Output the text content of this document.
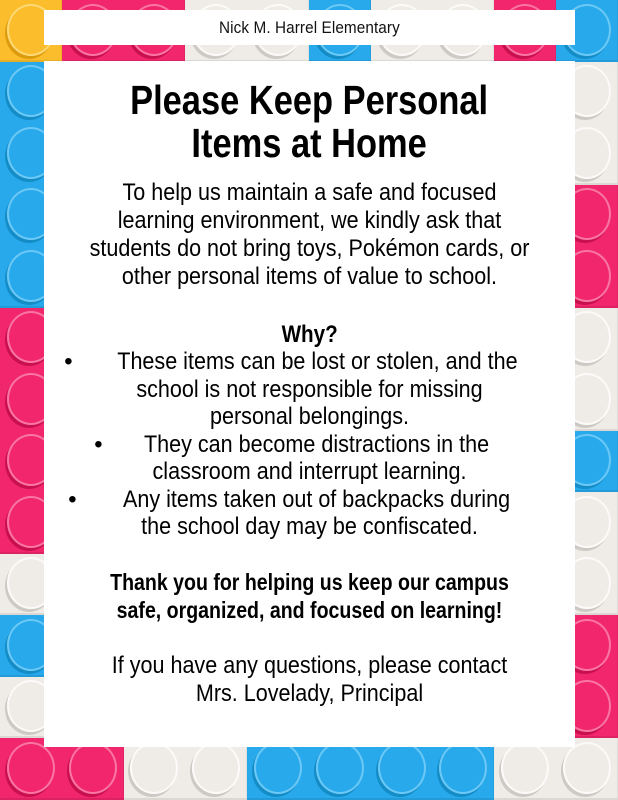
Nick M. Harrel Elementary
Please Keep Personal
Items at Home
To help us maintain a safe and focused
learning environment, we kindly ask that
students do not bring toys, Pokémon cards, or
other personal items of value to school.
Why?
•	These items can be lost or stolen, and the
school is not responsible for missing
personal belongings.
•	They can become distractions in the
classroom and interrupt learning.
•	Any items taken out of backpacks during
the school day may be confiscated.
Thank you for helping us keep our campus
safe, organized, and focused on learning!
If you have any questions, please contact
Mrs. Lovelady, Principal
